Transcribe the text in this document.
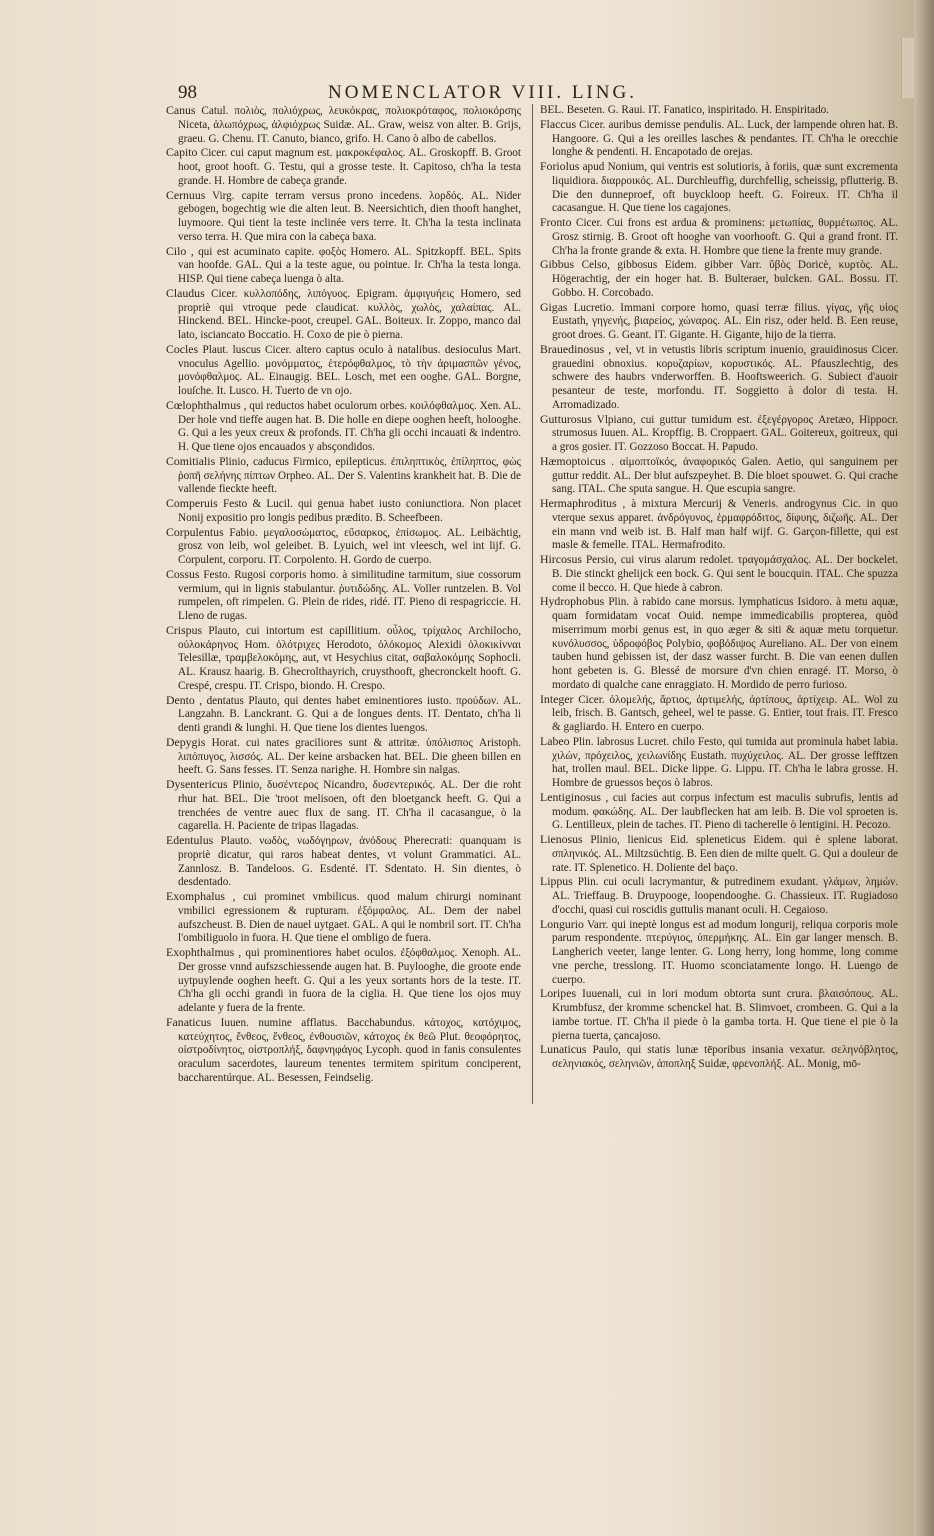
98	NOMENCLATOR VIII. LING.

Canus Catul. πολιὸς, πολιόχρως, λευκόκρας, πολιοκρόταφος, πολιοκόρσης Niceta, ἁλωπόχρως, ἀλφιόχρως Suidæ. AL. Graw, weisz von alter. B. Grijs, graeu. G. Chenu. IT. Canuto, bianco, grifo. H. Cano ò albo de cabellos.

Capito Cicer. cui caput magnum est. μακροκέφαλος. AL. Groskopff. B. Groot hoot, groot hooft. G. Testu, qui a grosse teste. It. Capitoso, ch'ha la testa grande. H. Hombre de cabeça grande.

Cernuus Virg. capite terram versus prono incedens. λορδός. AL. Nider gebogen, bogechtig wie die alten leut. B. Neersichtich, dien thooft hanghet, luymoore. Qui tient la teste inclinée vers terre. It. Ch'ha la testa inclinata verso terra. H. Que mira con la cabeça baxa.

Cilo , qui est acuminato capite. φοξὸς Homero. AL. Spitzkopff. BEL. Spits van hoofde. GAL. Qui a la teste ague, ou pointue. Ir. Ch'ha la testa longa. HISP. Qui tiene cabeça luenga ò alta.

Claudus Cicer. κυλλοπόδης, λιπόγυος. Epigram. ἀμφιγυήεις Homero, sed propriè qui vtroque pede claudicat. κυλλὸς, χωλὸς, χαλαίπας. AL. Hinckend. BEL. Hincke-poot, creupel. GAL. Boiteux. Ir. Zoppo, manco dal lato, isciancato Boccatio. H. Coxo de pie ò pierna.

Cocles Plaut. luscus Cicer. altero captus oculo à natalibus. desioculus Mart. vnoculus Agellio. μονόμματος, ἑτερόφθαλμος, τὸ τὴν ἀριμασπῶν γένος, μονόφθαλμος. AL. Einaugig. BEL. Losch, met een ooghe. GAL. Borgne, louſche. It. Lusco. H. Tuerto de vn ojo.

Cœlophthalmus , qui reductos habet oculorum orbes. κοιλόφθαλμος. Xen. AL. Der hole vnd tieffe augen hat. B. Die holle en diepe ooghen heeft, holooghe. G. Qui a les yeux creux & profonds. IT. Ch'ha gli occhi incauati & indentro. H. Que tiene ojos encauados y absçondidos.

Comitialis Plinio, caducus Firmico, epilepticus. ἐπιληπτικὸς, ἐπίληπτος, φὼς ῥοπῆ σελήνης πίπτων Orpheo. AL. Der S. Valentins krankheit hat. B. Die de vallende fieckte heeft.

Comperuis Festo & Lucil. qui genua habet iusto coniunctiora. Non placet Nonij expositio pro longis pedibus prædito. B. Scheefbeen.

Corpulentus Fabio. μεγαλοσώματος, εὔσαρκος, ἐπίσωμος. AL. Leibächtig, grosz von leib, wol geleibet. B. Lyuich, wel int vleesch, wel int lijf. G. Corpulent, corporu. IT. Corpolento. H. Gordo de cuerpo.

Cossus Festo. Rugosi corporis homo. à similitudine tarmitum, siue cossorum vermium, qui in lignis stabulantur. ῥυτιδώδης. AL. Voller runtzelen. B. Vol rumpelen, oft rimpelen. G. Plein de rides, ridé. IT. Pieno di respagriccie. H. Lleno de rugas.

Crispus Plauto, cui intortum est capillitium. οὖλος, τρίχαλος Archilocho, οὐλοκάρηνος Hom. ὁλότριχες Herodoto, ὁλόκομος Alexidi ὁλοκικίνναι Telesillæ, τραμβελοκόμης, aut, vt Hesychius citat, σαβαλοκόμης Sophocli. AL. Krausz haarig. B. Ghecrolthayrich, cruysthooft, ghecronckelt hooft. G. Crespé, crespu. IT. Crispo, biondo. H. Crespo.

Dento , dentatus Plauto, qui dentes habet eminentiores iusto. προύδων. AL. Langzahn. B. Lanckrant. G. Qui a de longues dents. IT. Dentato, ch'ha li denti grandi & lunghi. H. Que tiene los dientes luengos.

Depygis Horat. cui nates graciliores sunt & attritæ. ὑπόλισπος Aristoph. λιπόπυγος, λισσός. AL. Der keine arsbacken hat. BEL. Die gheen billen en heeft. G. Sans fesses. IT. Senza narighe. H. Hombre sin nalgas.

Dysentericus Plinio, δυσέντερος Nicandro, δυσεντερικός. AL. Der die roht rhur hat. BEL. Die 'troot melisoen, oft den bloetganck heeft. G. Qui a trenchées de ventre auec flux de sang. IT. Ch'ha il cacasangue, ò la cagarella. H. Paciente de tripas llagadas.

Edentulus Plauto. νωδὸς, νωδόγηρων, ἀνόδους Pherecrati: quanquam is propriè dicatur, qui raros habeat dentes, vt volunt Grammatici. AL. Zannlosz. B. Tandeloos. G. Esdenté. IT. Sdentato. H. Sin dientes, ò desdentado.

Exomphalus , cui prominet vmbilicus. quod malum chirurgi nominant vmbilici egressionem & rupturam. ἐξόμφαλος. AL. Dem der nabel aufszcheust. B. Dien de nauel uytgaet. GAL. A qui le nombril sort. IT. Ch'ha l'ombiliguolo in fuora. H. Que tiene el ombligo de fuera.

Exophthalmus , qui prominentiores habet oculos. ἐξόφθαλμος. Xenoph. AL. Der grosse vnnd aufszschiessende augen hat. B. Puylooghe, die groote ende uytpuylende ooghen heeft. G. Qui a les yeux sortants hors de la teste. IT. Ch'ha gli occhi grandi in fuora de la ciglia. H. Que tiene los ojos muy adelante y fuera de la frente.

Fanaticus Iuuen. numine afflatus. Bacchabundus. κάτοχος, κατόχιμος, κατεύχητος, ἔνθεος, ἔνθεος, ἐνθουσιῶν, κάτοχος ἐκ θεῶ Plut. θεοφόρητος, οἰστροδίνητος, οἰστροπλήξ, δαφνηφάγος Lycoph. quod in fanis consulentes oraculum sacerdotes, laureum tenentes termitem spiritum conciperent, baccharentúrque. AL. Besessen, Feindselig.

BEL. Beseten. G. Raui. IT. Fanatico, inspiritado. H. Enspiritado.

Flaccus Cicer. auribus demisse pendulis. AL. Luck, der lampende ohren hat. B. Hangoore. G. Qui a les oreilles lasches & pendantes. IT. Ch'ha le orecchie longhe & pendenti. H. Encapotado de orejas.

Foriolus apud Nonium, qui ventris est solutioris, à foriis, quæ sunt excrementa liquidiora. διαρροικός. AL. Durchleuffig, durchfellig, scheissig, pflutterig. B. Die den dunneproef, oft buyckloop heeft. G. Foireux. IT. Ch'ha il cacasangue. H. Que tiene los cagajones.

Fronto Cicer. Cui frons est ardua & prominens: μετωπίας, θυρμέτωπος. AL. Grosz stirnig. B. Groot oft hooghe van voorhooft. G. Qui a grand front. IT. Ch'ha la fronte grande & exta. H. Hombre que tiene la frente muy grande.

Gibbus Celso, gibbosus Eidem. gibber Varr. ὕβὸς Doricè, κυρτὸς. AL. Högerachtig, der ein hoger hat. B. Bulteraer, bulcken. GAL. Bossu. IT. Gobbo. H. Corcobado.

Gigas Lucretio. Immani corpore homo, quasi terræ filius. γίγας, γῆς υἱος Eustath, γηγενής, βιαρείος, χώναρος. AL. Ein risz, oder held. B. Een reuse, groot droes. G. Geant. IT. Gigante. H. Gigante, hijo de la tierra.

Brauedinosus , vel, vt in vetustis libris scriptum inuenio, grauidinosus Cicer. grauedini obnoxius. κορυζαρίων, κορυστικός. AL. Pfauszlechtig, des schwere des haubrs vnderworffen. B. Hooftsweerich. G. Subiect d'auoir pesanteur de teste, morfondu. IT. Soggietto à dolor di testa. H. Arromadizado.

Gutturosus Vlpiano, cui guttur tumidum est. ἐξεγέργορος Aretæo, Hippocr. strumosus Iuuen. AL. Kropffig. B. Croppaert. GAL. Goitereux, goitreux, qui a gros gosier. IT. Gozzoso Boccat. H. Papudo.

Hæmoptoicus . αἱμοπτοϊκός, ἀναφορικός Galen. Aetio, qui sanguinem per guttur reddit. AL. Der blut aufszpeyhet. B. Die bloet spouwet. G. Qui crache sang. ITAL. Che sputa sangue. H. Que escupia sangre.

Hermaphroditus , à mixtura Mercurij & Veneris. androgynus Cic. in quo vterque sexus apparet. ἀνδρόγυνος, ἑρμαφρόδιτος, δίφυης, διζωῆς. AL. Der ein mann vnd weib ist. B. Half man half wijf. G. Garçon-fillette, qui est masle & femelle. ITAL. Hermafrodito.

Hircosus Persio, cui virus alarum redolet. τραγομάσχαλος. AL. Der bockelet. B. Die stinckt ghelijck een bock. G. Qui sent le boucquin. ITAL. Che spuzza come il becco. H. Que hiede à cabron.

Hydrophobus Plin. à rabido cane morsus. lymphaticus Isidoro. à metu aquæ, quam formidatam vocat Ouid. nempe immedicabilis propterea, quòd miserrimum morbi genus est, in quo æger & siti & aquæ metu torquetur. κυνόλυσσος, ὑδροφόβος Polybio, φοβόδιψος Aureliano. AL. Der von einem tauben hund gebissen ist, der dasz wasser furcht. B. Die van eenen dullen hont gebeten is. G. Blessé de morsure d'vn chien enragé. IT. Morso, ò mordato di qualche cane enraggiato. H. Mordido de perro furioso.

Integer Cicer. ὁλομελής, ἄρτιος, ἀρτιμελής, ἀρτίπους, ἀρτίχειρ. AL. Wol zu leib, frisch. B. Gantsch, geheel, wel te passe. G. Entier, tout frais. IT. Fresco & gagliardo. H. Entero en cuerpo.

Labeo Plin. labrosus Lucret. chilo Festo, qui tumida aut prominula habet labia. χιλών, πρόχειλος, χειλωνίδης Eustath. πυχύχειλος. AL. Der grosse lefftzen hat, trollen maul. BEL. Dicke lippe. G. Lippu. IT. Ch'ha le labra grosse. H. Hombre de gruessos beços ò labros.

Lentiginosus , cui facies aut corpus infectum est maculis subrufis, lentis ad modum. φακώδης. AL. Der laubflecken hat am leib. B. Die vol sproeten is. G. Lentilleux, plein de taches. IT. Pieno di tacherelle ò lentigini. H. Pecozo.

Lienosus Plinio, lienicus Eid. spleneticus Eidem. qui è splene laborat. σπληνικός. AL. Miltzsüchtig. B. Een dien de milte quelt. G. Qui a douleur de rate. IT. Splenetico. H. Doliente del baço.

Lippus Plin. cui oculi lacrymantur, & putredinem exudant. γλάμων, λημών. AL. Trieffaug. B. Druypooge, loopendooghe. G. Chassieux. IT. Rugiadoso d'occhi, quasi cui roscidis guttulis manant oculi. H. Cegaioso.

Longurio Varr. qui ineptè longus est ad modum longurij, reliqua corporis mole parum respondente. πτερύγιος, ὑπερμήκης. AL. Ein gar langer mensch. B. Langherich veeter, lange lenter. G. Long herry, long homme, long comme vne perche, tresslong. IT. Huomo sconciatamente longo. H. Luengo de cuerpo.

Loripes Iuuenali, cui in lori modum obtorta sunt crura. βλαισόπους. AL. Krumbfusz, der kromme schenckel hat. B. Slimvoet, crombeen. G. Qui a la iambe tortue. IT. Ch'ha il piede ò la gamba torta. H. Que tiene el pie ò la pierna tuerta, çancajoso.

Lunaticus Paulo, qui statis lunæ tēporibus insania vexatur. σεληνόβλητος, σεληνιακός, σεληνιῶν, ἀποπληξ Suidæ, φρενοπλήξ. AL. Monig, mō-
